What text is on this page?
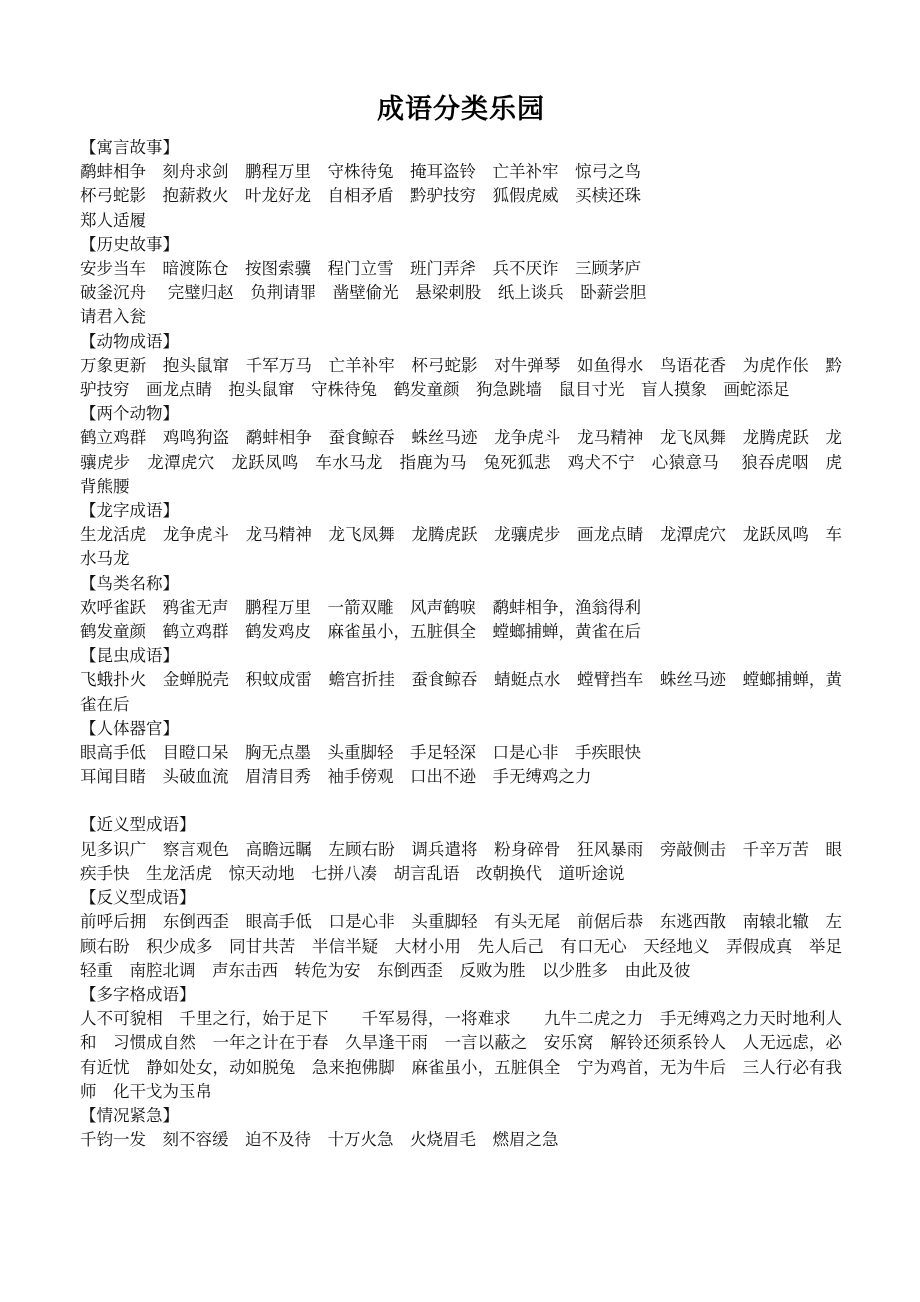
成语分类乐园
【寓言故事】
鹬蚌相争　刻舟求剑　鹏程万里　守株待兔　掩耳盗铃　亡羊补牢　惊弓之鸟
杯弓蛇影　抱薪救火　叶龙好龙　自相矛盾　黔驴技穷　狐假虎威　买椟还珠
郑人适履
【历史故事】
安步当车　暗渡陈仓　按图索骥　程门立雪　班门弄斧　兵不厌诈　三顾茅庐
破釜沉舟　 完璧归赵　负荆请罪　凿壁偷光　悬梁刺股　纸上谈兵　卧薪尝胆
请君入瓮
【动物成语】
万象更新　抱头鼠窜　千军万马　亡羊补牢　杯弓蛇影　对牛弹琴　如鱼得水　鸟语花香　为虎作伥　黔驴技穷　画龙点睛　抱头鼠窜　守株待兔　鹤发童颜　狗急跳墙　鼠目寸光　盲人摸象　画蛇添足
【两个动物】
鹤立鸡群　鸡鸣狗盗　鹬蚌相争　蚕食鲸吞　蛛丝马迹　龙争虎斗　龙马精神　龙飞凤舞　龙腾虎跃　龙骧虎步　龙潭虎穴　龙跃凤鸣　车水马龙　指鹿为马　兔死狐悲　鸡犬不宁　心猿意马　 狼吞虎咽　虎背熊腰
【龙字成语】
生龙活虎　龙争虎斗　龙马精神　龙飞凤舞　龙腾虎跃　龙骧虎步　画龙点睛　龙潭虎穴　龙跃凤鸣　车水马龙
【鸟类名称】
欢呼雀跃　鸦雀无声　鹏程万里　一箭双雕　风声鹤唳　鹬蚌相争，渔翁得利
鹤发童颜　鹤立鸡群　鹤发鸡皮　麻雀虽小，五脏俱全　螳螂捕蝉，黄雀在后
【昆虫成语】
飞蛾扑火　金蝉脱壳　积蚊成雷　蟾宫折挂　蚕食鲸吞　蜻蜓点水　螳臂挡车　蛛丝马迹　螳螂捕蝉，黄雀在后
【人体器官】
眼高手低　目瞪口呆　胸无点墨　头重脚轻　手足轻深　口是心非　手疾眼快
耳闻目睹　头破血流　眉清目秀　袖手傍观　口出不逊　手无缚鸡之力
【近义型成语】
见多识广　察言观色　高瞻远瞩　左顾右盼　调兵遣将　粉身碎骨　狂风暴雨　旁敲侧击　千辛万苦　眼疾手快　生龙活虎　惊天动地　七拼八凑　胡言乱语　改朝换代　道听途说
【反义型成语】
前呼后拥　东倒西歪　眼高手低　口是心非　头重脚轻　有头无尾　前倨后恭　东逃西散　南辕北辙　左顾右盼　积少成多　同甘共苦　半信半疑　大材小用　先人后己　有口无心　天经地义　弄假成真　举足轻重　南腔北调　声东击西　转危为安　东倒西歪　反败为胜　以少胜多　由此及彼
【多字格成语】
人不可貌相　千里之行，始于足下　　千军易得，一将难求　　九牛二虎之力　手无缚鸡之力天时地利人和　习惯成自然　一年之计在于春　久旱逢干雨　一言以蔽之　安乐窝　解铃还须系铃人　人无远虑，必有近忧　静如处女，动如脱兔　急来抱佛脚　麻雀虽小，五脏俱全　宁为鸡首，无为牛后　三人行必有我师　化干戈为玉帛
【情况紧急】
千钧一发　刻不容缓　迫不及待　十万火急　火烧眉毛　燃眉之急
